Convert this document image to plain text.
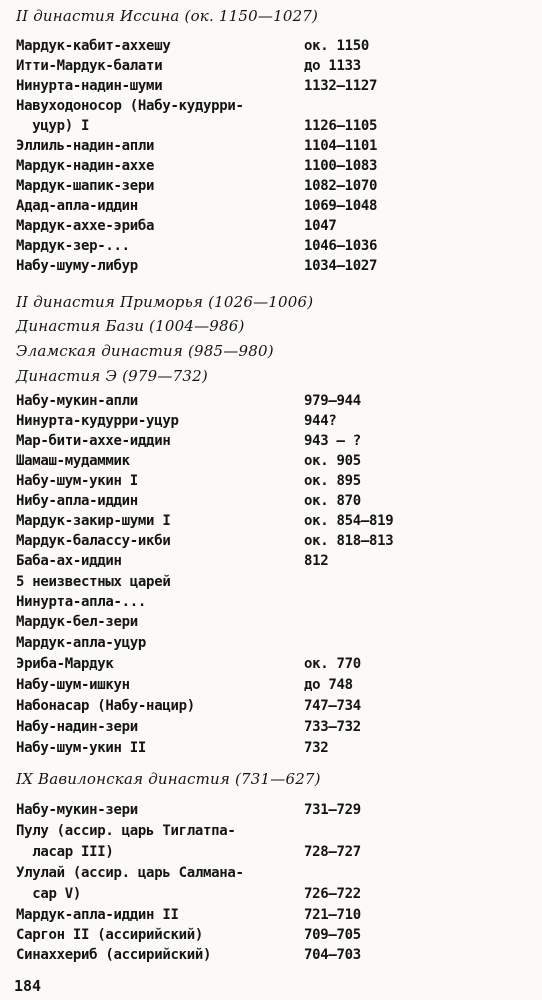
II династия Иссина (ок. 1150—1027)
Мардук-кабит-аххешу	ок. 1150
Итти-Мардук-балати	до 1133
Нинурта-надин-шуми	1132—1127
Навуходоносор (Набу-кудурри-
уцур) I	1126—1105
Эллиль-надин-апли	1104—1101
Мардук-надин-ахxе	1100—1083
Мардук-шапик-зери	1082—1070
Адад-апла-иддин	1069—1048
Мардук-аххе-эриба	1047
Мардук-зер-...	1046—1036
Набу-шуму-либур	1034—1027
II династия Приморья (1026—1006)
Династия Бази (1004—986)
Эламская династия (985—980)
Династия Э (979—732)
Набу-мукин-апли	979—944
Нинурта-кудурри-уцур	944?
Мар-бити-аххе-иддин	943 — ?
Шамаш-мудаммик	ок. 905
Набу-шум-укин I	ок. 895
Нибу-апла-иддин	ок. 870
Мардук-закир-шуми I	ок. 854—819
Мардук-балассу-икби	ок. 818—813
Баба-ах-иддин	812
5 неизвестных царей
Нинурта-апла-...
Мардук-бел-зери
Мардук-апла-уцур
Эриба-Мардук	ок. 770
Набу-шум-ишкун	до 748
Набонасар (Набу-нацир)	747—734
Набу-надин-зери	733—732
Набу-шум-укин II	732
IX Вавилонская династия (731—627)
Набу-мукин-зери	731—729
Пулу (ассир. царь Тиглатпа-
ласар III)	728—727
Улулай (ассир. царь Салмана-
сар V)	726—722
Мардук-апла-иддин II	721—710
Саргон II (ассирийский)	709—705
Синаххериб (ассирийский)	704—703
184
